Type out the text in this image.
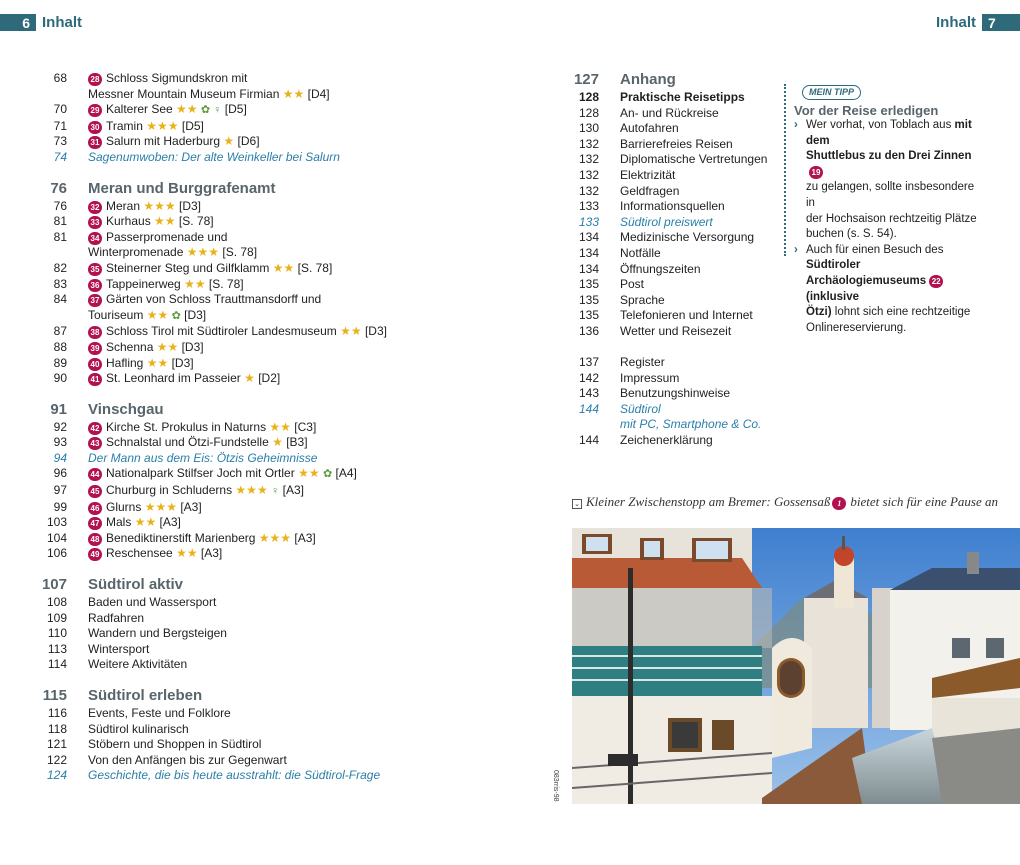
6 Inhalt	Inhalt 7
68	28 Schloss Sigmundskron mit
Messner Mountain Museum Firmian ★★ [D4]
70	29 Kalterer See ★★ ✿ ♀ [D5]
71	30 Tramin ★★★ [D5]
73	31 Salurn mit Haderburg ★ [D6]
74	Sagenumwoben: Der alte Weinkeller bei Salurn
76	Meran und Burggrafenamt
76	32 Meran ★★★ [D3]
81	33 Kurhaus ★★ [S. 78]
81	34 Passerpromenade und
Winterpromenade ★★★ [S. 78]
82	35 Steinerner Steg und Gilfklamm ★★ [S. 78]
83	36 Tappeinerweg ★★ [S. 78]
84	37 Gärten von Schloss Trauttmansdorff und
Touriseum ★★ ✿ [D3]
87	38 Schloss Tirol mit Südtiroler Landesmuseum ★★ [D3]
88	39 Schenna ★★ [D3]
89	40 Hafling ★★ [D3]
90	41 St. Leonhard im Passeier ★ [D2]
91	Vinschgau
92	42 Kirche St. Prokulus in Naturns ★★ [C3]
93	43 Schnalstal und Ötzi-Fundstelle ★ [B3]
94	Der Mann aus dem Eis: Ötzis Geheimnisse
96	44 Nationalpark Stilfser Joch mit Ortler ★★ ✿ [A4]
97	45 Churburg in Schluderns ★★★ ♀ [A3]
99	46 Glurns ★★★ [A3]
103	47 Mals ★★ [A3]
104	48 Benediktinerstift Marienberg ★★★ [A3]
106	49 Reschensee ★★ [A3]
107	Südtirol aktiv
108	Baden und Wassersport
109	Radfahren
110	Wandern und Bergsteigen
113	Wintersport
114	Weitere Aktivitäten
115	Südtirol erleben
116	Events, Feste und Folklore
118	Südtirol kulinarisch
121	Stöbern und Shoppen in Südtirol
122	Von den Anfängen bis zur Gegenwart
124	Geschichte, die bis heute ausstrahlt: die Südtirol-Frage
127	Anhang
128	Praktische Reisetipps
128	An- und Rückreise
130	Autofahren
132	Barrierefreies Reisen
132	Diplomatische Vertretungen
132	Elektrizität
132	Geldfragen
133	Informationsquellen
133	Südtirol preiswert
134	Medizinische Versorgung
134	Notfälle
134	Öffnungszeiten
135	Post
135	Sprache
135	Telefonieren und Internet
136	Wetter und Reisezeit
137	Register
142	Impressum
143	Benutzungshinweise
144	Südtirol
mit PC, Smartphone & Co.
144	Zeichenerklärung
MEIN TIPP
Vor der Reise erledigen
› Wer vorhat, von Toblach aus mit dem
Shuttlebus zu den Drei Zinnen19
zu gelangen, sollte insbesondere in
der Hochsaison rechtzeitig Plätze
buchen (s. S. 54).
› Auch für einen Besuch des Südtiroler
Archäologiemuseums 22 (inklusive
Ötzi) lohnt sich eine rechtzeitige
Onlinereservierung.
⌄ Kleiner Zwischenstopp am Bremer: Gossensaß 1 bietet sich für eine Pause an
083rris-98
